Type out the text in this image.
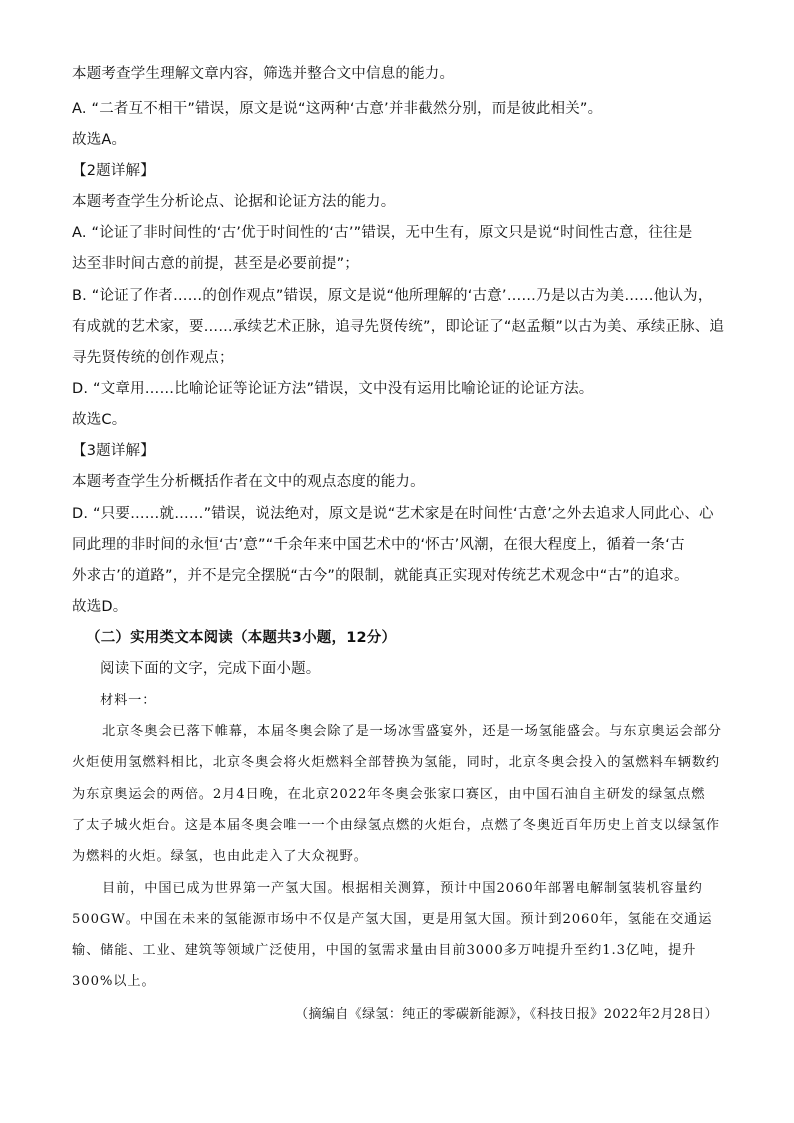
本题考查学生理解文章内容，筛选并整合文中信息的能力。
A. “二者互不相干”错误，原文是说“这两种‘古意’并非截然分别，而是彼此相关”。
故选A。
【2题详解】
本题考查学生分析论点、论据和论证方法的能力。
A. “论证了非时间性的‘古’优于时间性的‘古’”错误，无中生有，原文只是说“时间性古意，往往是
达至非时间古意的前提，甚至是必要前提”；
B. “论证了作者……的创作观点”错误，原文是说“他所理解的‘古意’……乃是以古为美……他认为，
有成就的艺术家，要……承续艺术正脉，追寻先贤传统”，即论证了“赵孟頫”以古为美、承续正脉、追
寻先贤传统的创作观点；
D. “文章用……比喻论证等论证方法”错误，文中没有运用比喻论证的论证方法。
故选C。
【3题详解】
本题考查学生分析概括作者在文中的观点态度的能力。
D. “只要……就……”错误，说法绝对，原文是说“艺术家是在时间性‘古意’之外去追求人同此心、心
同此理的非时间的永恒‘古’意”“千余年来中国艺术中的‘怀古’风潮，在很大程度上，循着一条‘古
外求古’的道路”，并不是完全摆脱“古今”的限制，就能真正实现对传统艺术观念中“古”的追求。
故选D。
（二）实用类文本阅读（本题共3小题，12分）
阅读下面的文字，完成下面小题。
材料一：
北京冬奥会已落下帷幕，本届冬奥会除了是一场冰雪盛宴外，还是一场氢能盛会。与东京奥运会部分
火炬使用氢燃料相比，北京冬奥会将火炬燃料全部替换为氢能，同时，北京冬奥会投入的氢燃料车辆数约
为东京奥运会的两倍。2月4日晚，在北京2022年冬奥会张家口赛区，由中国石油自主研发的绿氢点燃
了太子城火炬台。这是本届冬奥会唯一一个由绿氢点燃的火炬台，点燃了冬奥近百年历史上首支以绿氢作
为燃料的火炬。绿氢，也由此走入了大众视野。
目前，中国已成为世界第一产氢大国。根据相关测算，预计中国2060年部署电解制氢装机容量约
500GW。中国在未来的氢能源市场中不仅是产氢大国，更是用氢大国。预计到2060年，氢能在交通运
输、储能、工业、建筑等领域广泛使用，中国的氢需求量由目前3000多万吨提升至约1.3亿吨，提升
300%以上。
（摘编自《绿氢：纯正的零碳新能源》，《科技日报》2022年2月28日）
